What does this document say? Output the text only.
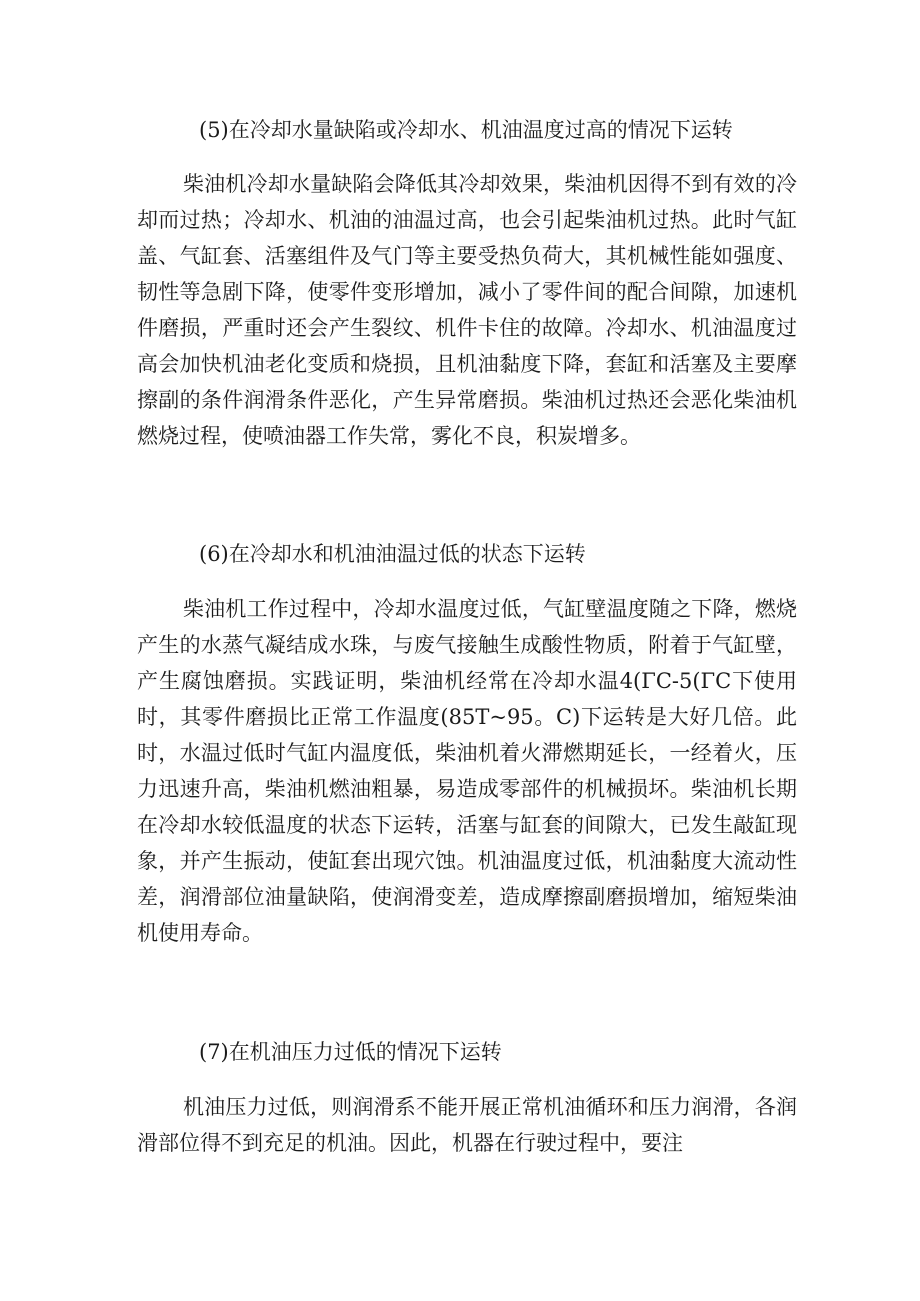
(5)在冷却水量缺陷或冷却水、机油温度过高的情况下运转
柴油机冷却水量缺陷会降低其冷却效果，柴油机因得不到有效的冷却而过热；冷却水、机油的油温过高，也会引起柴油机过热。此时气缸盖、气缸套、活塞组件及气门等主要受热负荷大，其机械性能如强度、韧性等急剧下降，使零件变形增加，减小了零件间的配合间隙，加速机件磨损，严重时还会产生裂纹、机件卡住的故障。冷却水、机油温度过高会加快机油老化变质和烧损，且机油黏度下降，套缸和活塞及主要摩擦副的条件润滑条件恶化，产生异常磨损。柴油机过热还会恶化柴油机燃烧过程，使喷油器工作失常，雾化不良，积炭增多。
(6)在冷却水和机油油温过低的状态下运转
柴油机工作过程中，冷却水温度过低，气缸壁温度随之下降，燃烧产生的水蒸气凝结成水珠，与废气接触生成酸性物质，附着于气缸壁，产生腐蚀磨损。实践证明，柴油机经常在冷却水温4(ΓC-5(ΓC下使用时，其零件磨损比正常工作温度(85T~95。C)下运转是大好几倍。此时，水温过低时气缸内温度低，柴油机着火滞燃期延长，一经着火，压力迅速升高，柴油机燃油粗暴，易造成零部件的机械损坏。柴油机长期在冷却水较低温度的状态下运转，活塞与缸套的间隙大，已发生敲缸现象，并产生振动，使缸套出现穴蚀。机油温度过低，机油黏度大流动性差，润滑部位油量缺陷，使润滑变差，造成摩擦副磨损增加，缩短柴油机使用寿命。
(7)在机油压力过低的情况下运转
机油压力过低，则润滑系不能开展正常机油循环和压力润滑，各润滑部位得不到充足的机油。因此，机器在行驶过程中，要注
